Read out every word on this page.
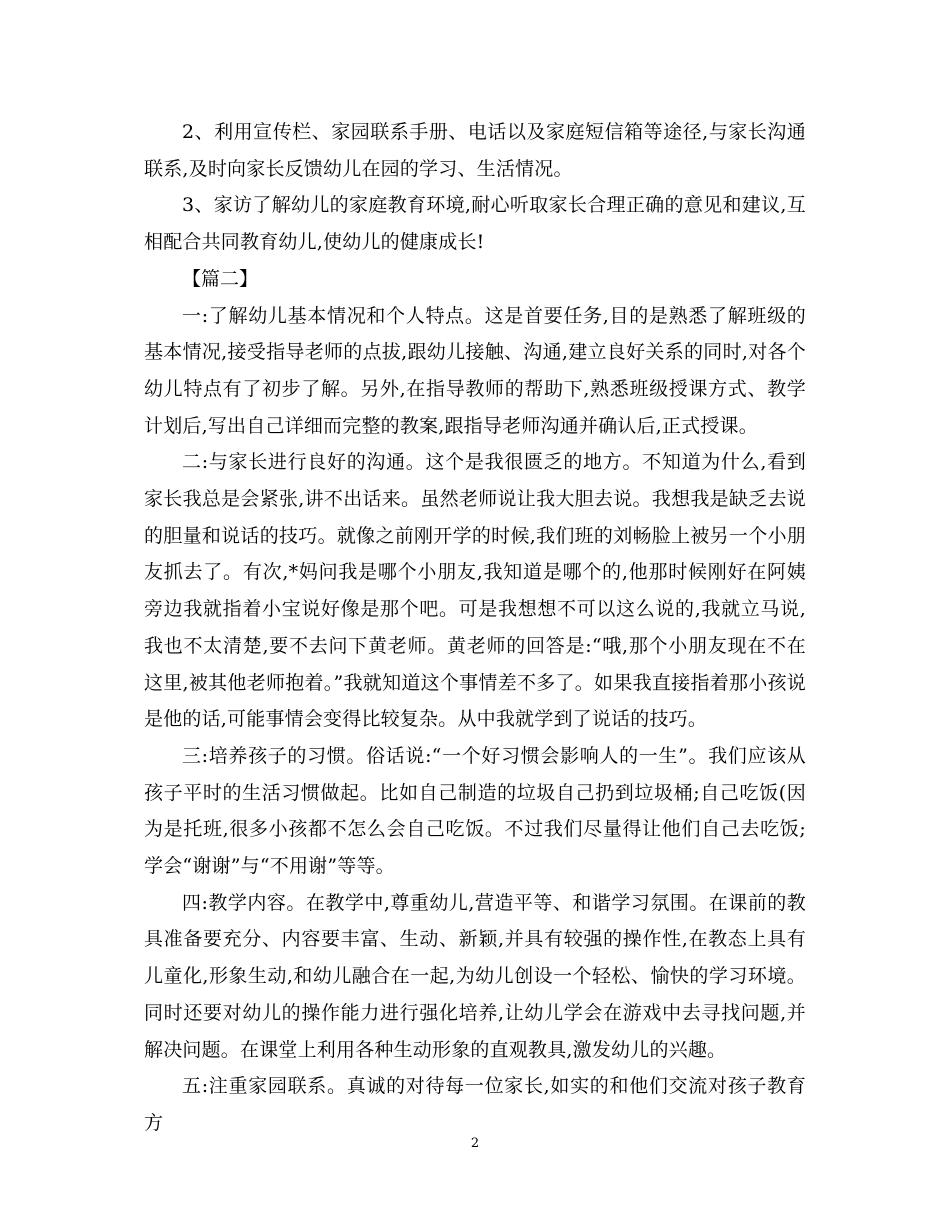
2、利用宣传栏、家园联系手册、电话以及家庭短信箱等途径,与家长沟通联系,及时向家长反馈幼儿在园的学习、生活情况。

3、家访了解幼儿的家庭教育环境,耐心听取家长合理正确的意见和建议,互相配合共同教育幼儿,使幼儿的健康成长!

【篇二】

一:了解幼儿基本情况和个人特点。这是首要任务,目的是熟悉了解班级的基本情况,接受指导老师的点拔,跟幼儿接触、沟通,建立良好关系的同时,对各个幼儿特点有了初步了解。另外,在指导教师的帮助下,熟悉班级授课方式、教学计划后,写出自己详细而完整的教案,跟指导老师沟通并确认后,正式授课。

二:与家长进行良好的沟通。这个是我很匮乏的地方。不知道为什么,看到家长我总是会紧张,讲不出话来。虽然老师说让我大胆去说。我想我是缺乏去说的胆量和说话的技巧。就像之前刚开学的时候,我们班的刘畅脸上被另一个小朋友抓去了。有次,*妈问我是哪个小朋友,我知道是哪个的,他那时候刚好在阿姨旁边我就指着小宝说好像是那个吧。可是我想想不可以这么说的,我就立马说,我也不太清楚,要不去问下黄老师。黄老师的回答是:“哦,那个小朋友现在不在这里,被其他老师抱着。”我就知道这个事情差不多了。如果我直接指着那小孩说是他的话,可能事情会变得比较复杂。从中我就学到了说话的技巧。

三:培养孩子的习惯。俗话说:“一个好习惯会影响人的一生”。我们应该从孩子平时的生活习惯做起。比如自己制造的垃圾自己扔到垃圾桶;自己吃饭(因为是托班,很多小孩都不怎么会自己吃饭。不过我们尽量得让他们自己去吃饭;学会“谢谢”与“不用谢”等等。

四:教学内容。在教学中,尊重幼儿,营造平等、和谐学习氛围。在课前的教具准备要充分、内容要丰富、生动、新颖,并具有较强的操作性,在教态上具有儿童化,形象生动,和幼儿融合在一起,为幼儿创设一个轻松、愉快的学习环境。同时还要对幼儿的操作能力进行强化培养,让幼儿学会在游戏中去寻找问题,并解决问题。在课堂上利用各种生动形象的直观教具,激发幼儿的兴趣。

五:注重家园联系。真诚的对待每一位家长,如实的和他们交流对孩子教育方

2
